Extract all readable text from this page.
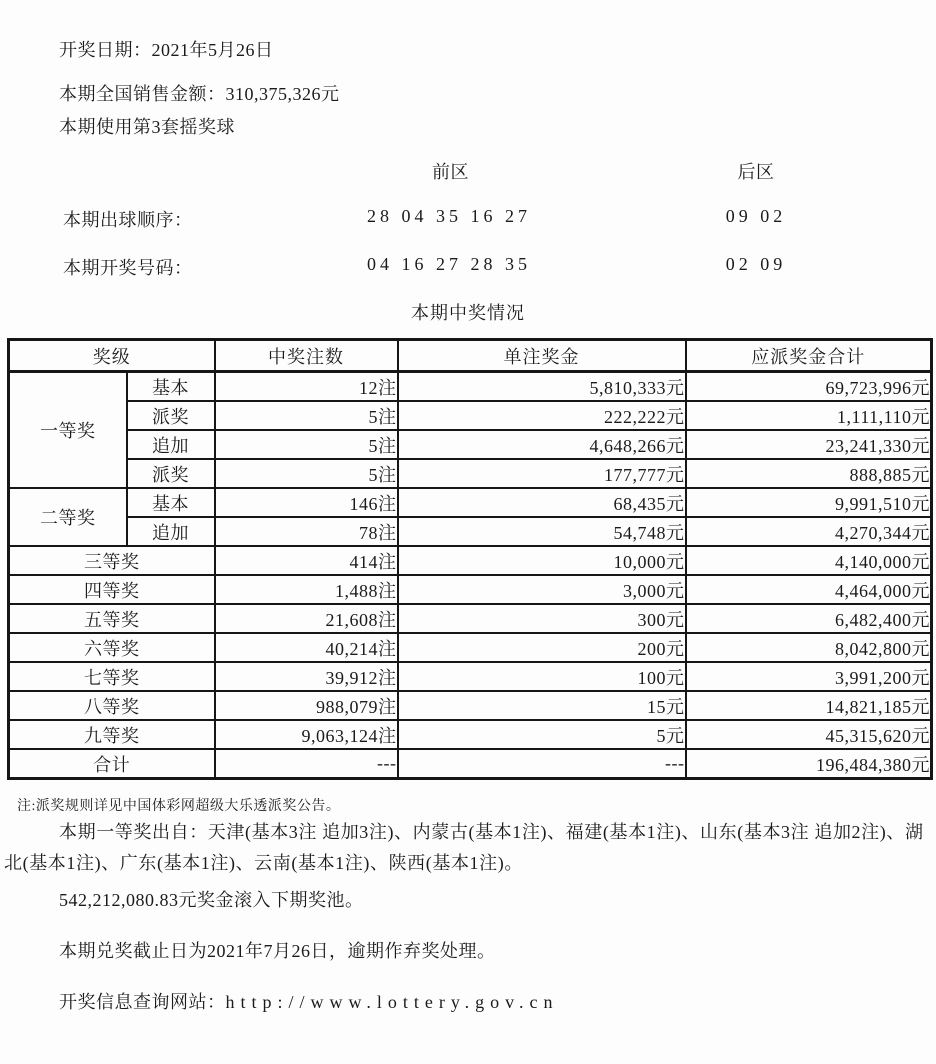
开奖日期：2021年5月26日
本期全国销售金额：310,375,326元
本期使用第3套摇奖球
前区	后区
本期出球顺序：	28 04 35 16 27	09 02
本期开奖号码：	04 16 27 28 35	02 09
本期中奖情况
奖级		中奖注数	单注奖金	应派奖金合计
一等奖	基本	12注	5,810,333元	69,723,996元
	派奖	5注	222,222元	1,111,110元
	追加	5注	4,648,266元	23,241,330元
	派奖	5注	177,777元	888,885元
二等奖	基本	146注	68,435元	9,991,510元
	追加	78注	54,748元	4,270,344元
三等奖		414注	10,000元	4,140,000元
四等奖		1,488注	3,000元	4,464,000元
五等奖		21,608注	300元	6,482,400元
六等奖		40,214注	200元	8,042,800元
七等奖		39,912注	100元	3,991,200元
八等奖		988,079注	15元	14,821,185元
九等奖		9,063,124注	5元	45,315,620元
合计		---	---	196,484,380元
注:派奖规则详见中国体彩网超级大乐透派奖公告。
本期一等奖出自：天津(基本3注 追加3注)、内蒙古(基本1注)、福建(基本1注)、山东(基本3注 追加2注)、湖北(基本1注)、广东(基本1注)、云南(基本1注)、陕西(基本1注)。
542,212,080.83元奖金滚入下期奖池。
本期兑奖截止日为2021年7月26日，逾期作弃奖处理。
开奖信息查询网站：http://www.lottery.gov.cn
